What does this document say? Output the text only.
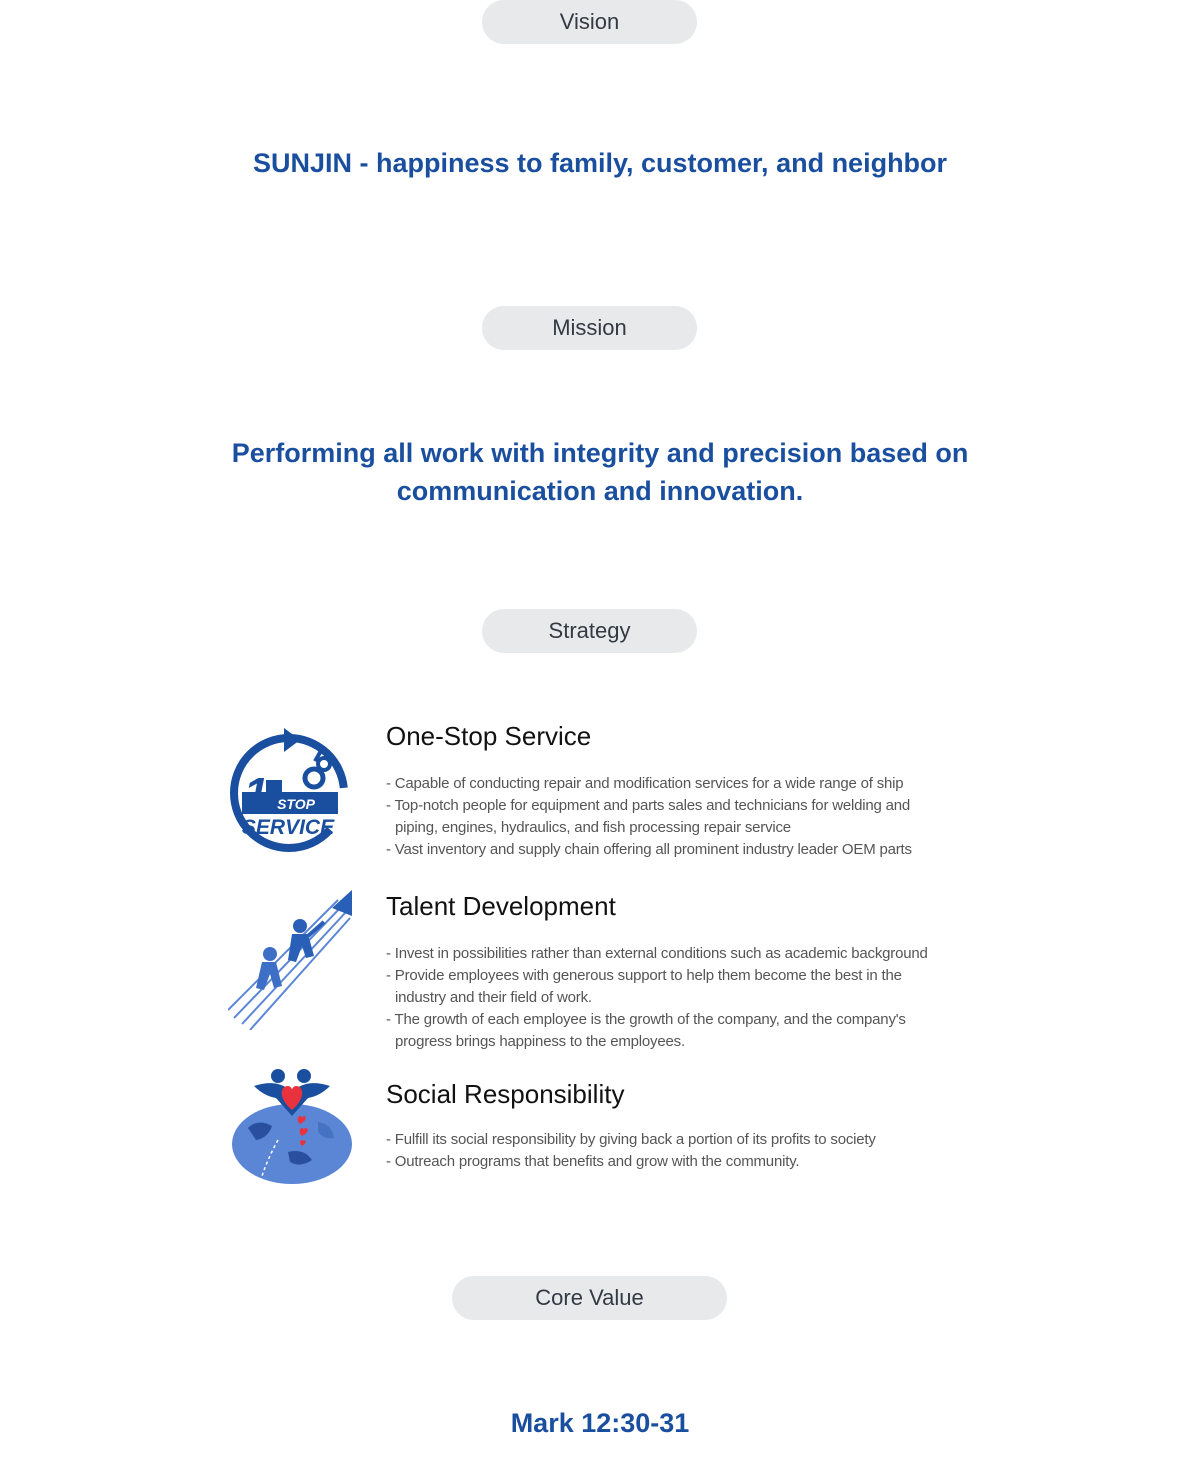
Vision
SUNJIN - happiness to family, customer, and neighbor
Mission
Performing all work with integrity and precision based on
communication and innovation.
Strategy
STOP
SERVICE
One-Stop Service
- Capable of conducting repair and modification services for a wide range of ship
- Top-notch people for equipment and parts sales and technicians for welding and piping, engines, hydraulics, and fish processing repair service
- Vast inventory and supply chain offering all prominent industry leader OEM parts
Talent Development
- Invest in possibilities rather than external conditions such as academic background
- Provide employees with generous support to help them become the best in the industry and their field of work.
- The growth of each employee is the growth of the company, and the company's progress brings happiness to the employees.
Social Responsibility
- Fulfill its social responsibility by giving back a portion of its profits to society
- Outreach programs that benefits and grow with the community.
Core Value
Mark 12:30-31
